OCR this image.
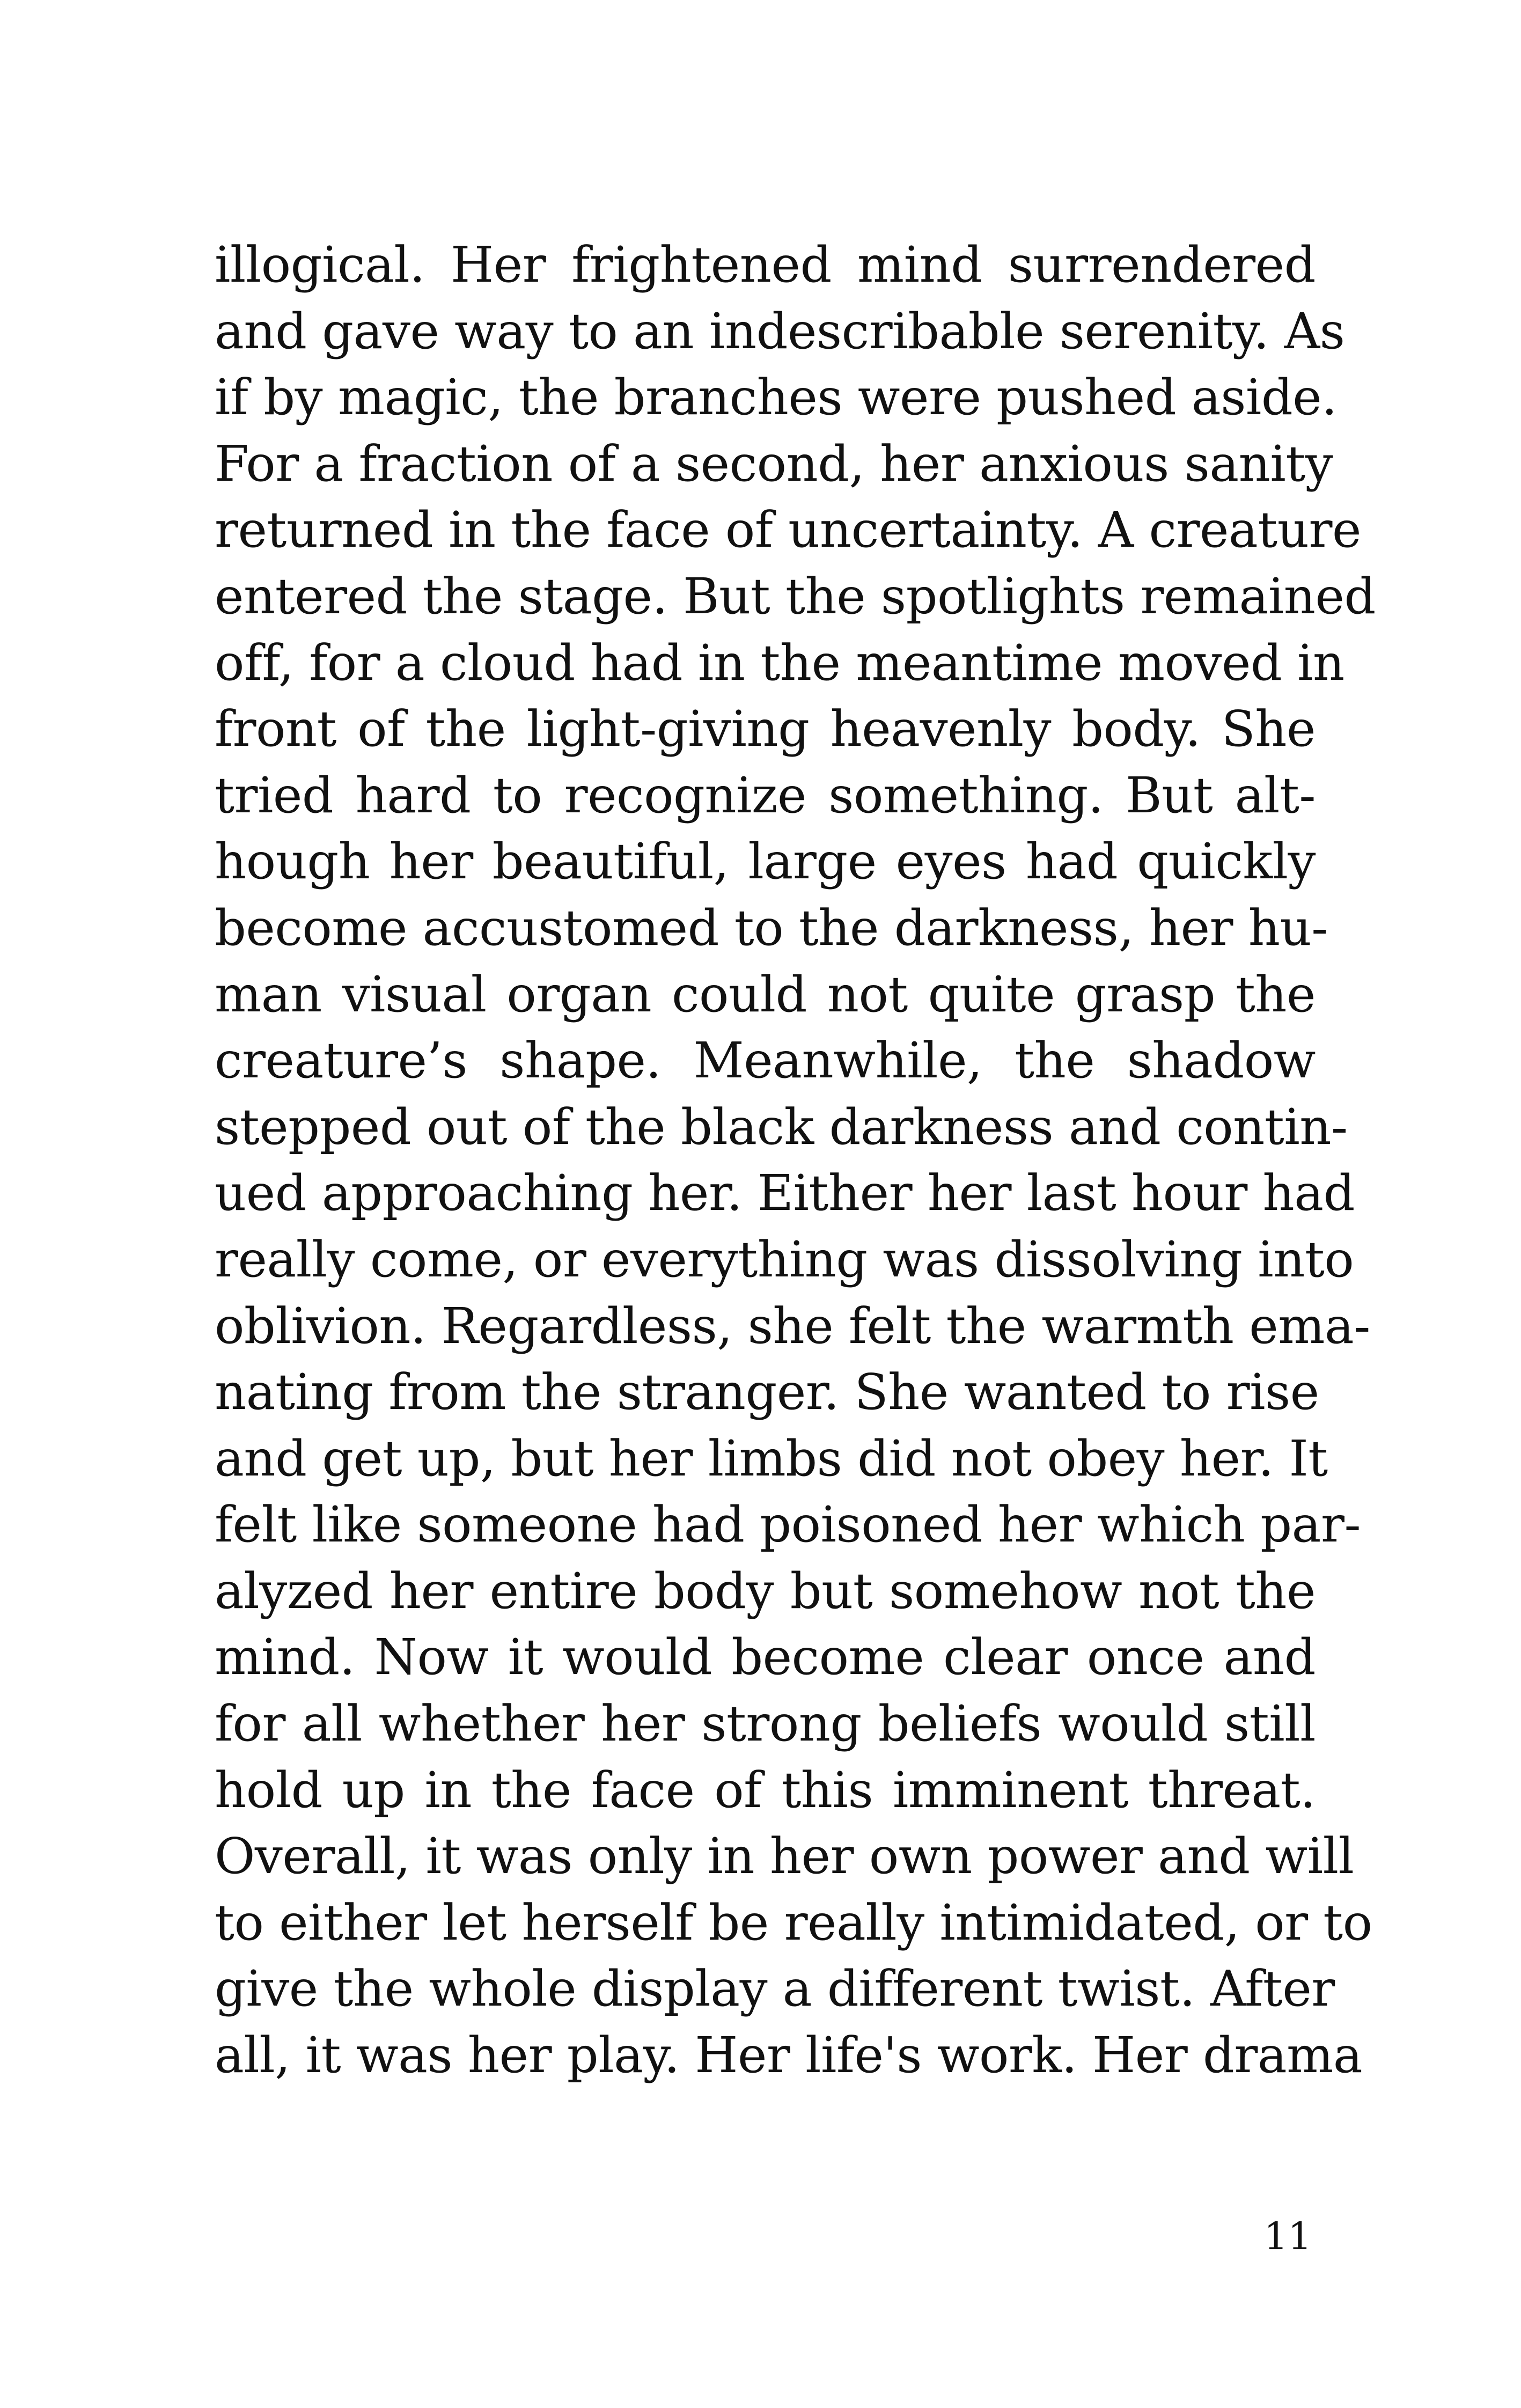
illogical. Her frightened mind surrendered
and gave way to an indescribable serenity. As
if by magic, the branches were pushed aside.
For a fraction of a second, her anxious sanity
returned in the face of uncertainty. A creature
entered the stage. But the spotlights remained
off, for a cloud had in the meantime moved in
front of the light-giving heavenly body. She
tried hard to recognize something. But alt-
hough her beautiful, large eyes had quickly
become accustomed to the darkness, her hu-
man visual organ could not quite grasp the
creature’s shape. Meanwhile, the shadow
stepped out of the black darkness and contin-
ued approaching her. Either her last hour had
really come, or everything was dissolving into
oblivion. Regardless, she felt the warmth ema-
nating from the stranger. She wanted to rise
and get up, but her limbs did not obey her. It
felt like someone had poisoned her which par-
alyzed her entire body but somehow not the
mind. Now it would become clear once and
for all whether her strong beliefs would still
hold up in the face of this imminent threat.
Overall, it was only in her own power and will
to either let herself be really intimidated, or to
give the whole display a different twist. After
all, it was her play. Her life's work. Her drama
11
